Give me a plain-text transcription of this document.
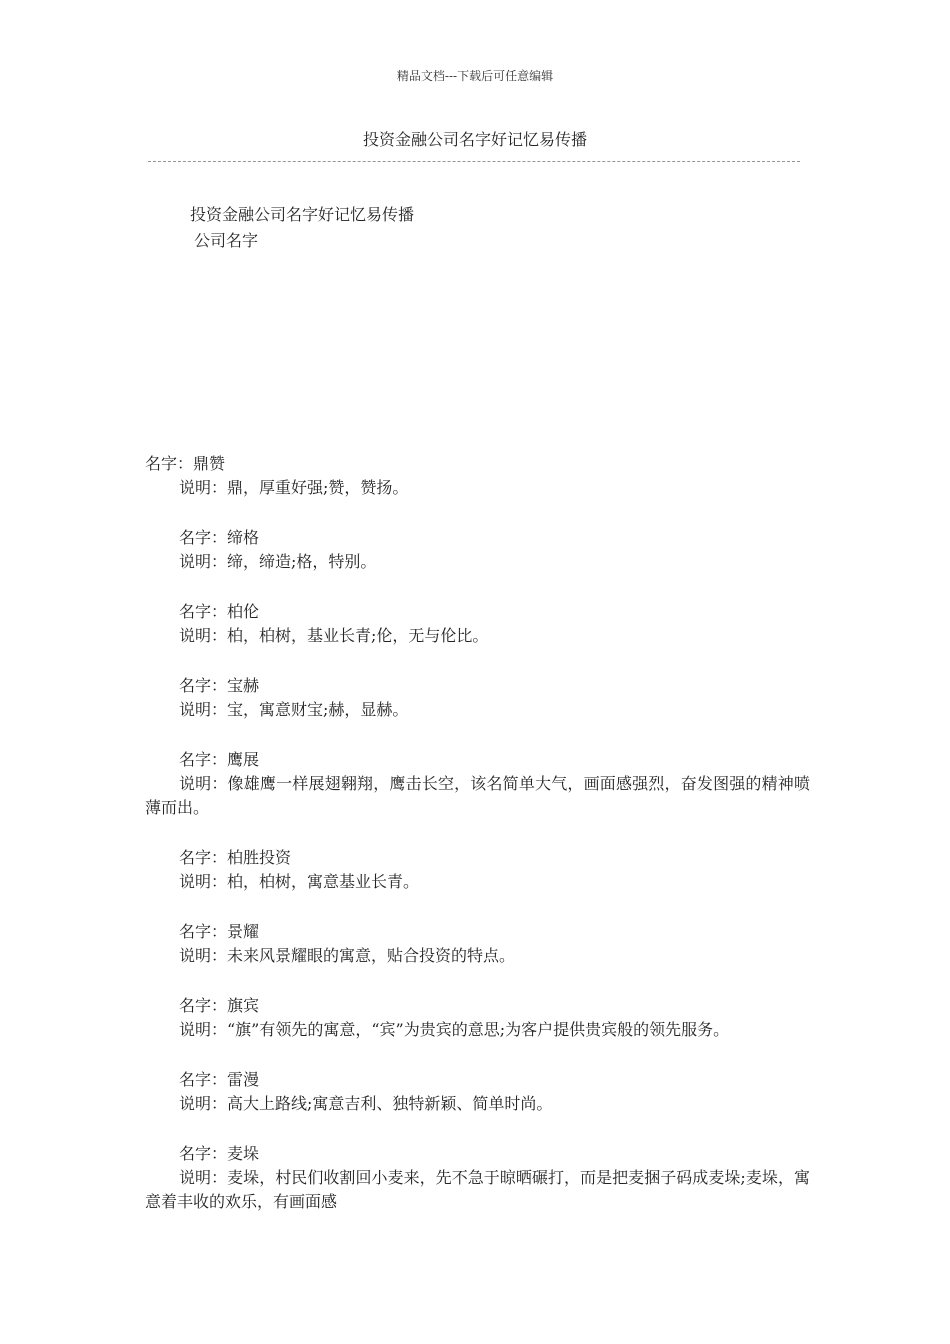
精品文档---下载后可任意编辑
投资金融公司名字好记忆易传播
投资金融公司名字好记忆易传播
公司名字
名字：鼎赞
说明：鼎，厚重好强;赞，赞扬。
名字：缔格
说明：缔，缔造;格，特别。
名字：柏伦
说明：柏，柏树，基业长青;伦，无与伦比。
名字：宝赫
说明：宝，寓意财宝;赫，显赫。
名字：鹰展
说明：像雄鹰一样展翅翱翔，鹰击长空，该名简单大气，画面感强烈，奋发图强的精神喷薄而出。
名字：柏胜投资
说明：柏，柏树，寓意基业长青。
名字：景耀
说明：未来风景耀眼的寓意，贴合投资的特点。
名字：旗宾
说明：“旗”有领先的寓意，“宾”为贵宾的意思;为客户提供贵宾般的领先服务。
名字：雷漫
说明：高大上路线;寓意吉利、独特新颖、简单时尚。
名字：麦垛
说明：麦垛，村民们收割回小麦来，先不急于晾晒碾打，而是把麦捆子码成麦垛;麦垛，寓意着丰收的欢乐，有画面感
